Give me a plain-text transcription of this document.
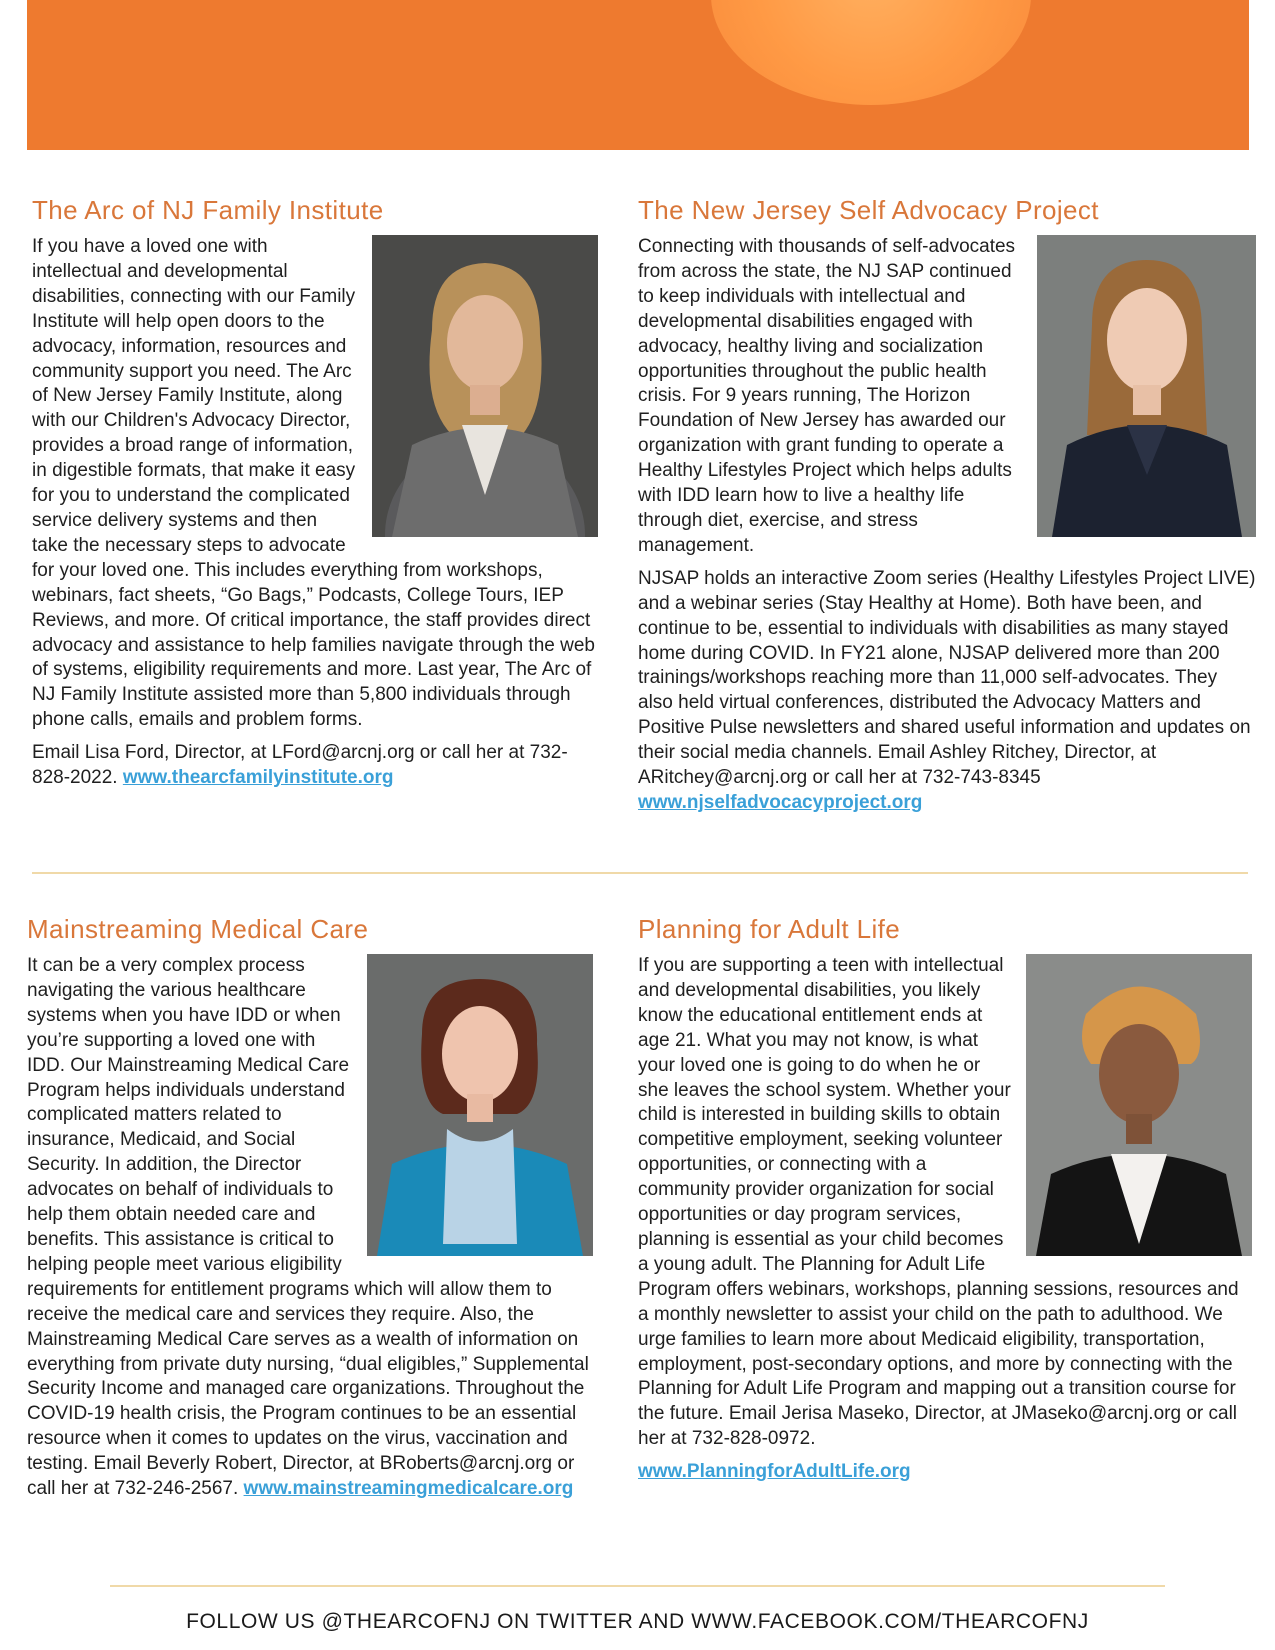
The Arc of NJ Family Institute

If you have a loved one with intellectual and developmental disabilities, connecting with our Family Institute will help open doors to the advocacy, information, resources and community support you need. The Arc of New Jersey Family Institute, along with our Children's Advocacy Director, provides a broad range of information, in digestible formats, that make it easy for you to understand the complicated service delivery systems and then take the necessary steps to advocate for your loved one. This includes everything from workshops, webinars, fact sheets, “Go Bags,” Podcasts, College Tours, IEP Reviews, and more. Of critical importance, the staff provides direct advocacy and assistance to help families navigate through the web of systems, eligibility requirements and more. Last year, The Arc of NJ Family Institute assisted more than 5,800 individuals through phone calls, emails and problem forms.

Email Lisa Ford, Director, at LFord@arcnj.org or call her at 732-828-2022. www.thearcfamilyinstitute.org

The New Jersey Self Advocacy Project

Connecting with thousands of self-advocates from across the state, the NJ SAP continued to keep individuals with intellectual and developmental disabilities engaged with advocacy, healthy living and socialization opportunities throughout the public health crisis. For 9 years running, The Horizon Foundation of New Jersey has awarded our organization with grant funding to operate a Healthy Lifestyles Project which helps adults with IDD learn how to live a healthy life through diet, exercise, and stress management.

NJSAP holds an interactive Zoom series (Healthy Lifestyles Project LIVE) and a webinar series (Stay Healthy at Home). Both have been, and continue to be, essential to individuals with disabilities as many stayed home during COVID. In FY21 alone, NJSAP delivered more than 200 trainings/workshops reaching more than 11,000 self-advocates. They also held virtual conferences, distributed the Advocacy Matters and Positive Pulse newsletters and shared useful information and updates on their social media channels. Email Ashley Ritchey, Director, at ARitchey@arcnj.org or call her at 732-743-8345 www.njselfadvocacyproject.org

Mainstreaming Medical Care

It can be a very complex process navigating the various healthcare systems when you have IDD or when you’re supporting a loved one with IDD. Our Mainstreaming Medical Care Program helps individuals understand complicated matters related to insurance, Medicaid, and Social Security. In addition, the Director advocates on behalf of individuals to help them obtain needed care and benefits. This assistance is critical to helping people meet various eligibility requirements for entitlement programs which will allow them to receive the medical care and services they require. Also, the Mainstreaming Medical Care serves as a wealth of information on everything from private duty nursing, “dual eligibles,” Supplemental Security Income and managed care organizations. Throughout the COVID-19 health crisis, the Program continues to be an essential resource when it comes to updates on the virus, vaccination and testing. Email Beverly Robert, Director, at BRoberts@arcnj.org or call her at 732-246-2567. www.mainstreamingmedicalcare.org

Planning for Adult Life

If you are supporting a teen with intellectual and developmental disabilities, you likely know the educational entitlement ends at age 21. What you may not know, is what your loved one is going to do when he or she leaves the school system. Whether your child is interested in building skills to obtain competitive employment, seeking volunteer opportunities, or connecting with a community provider organization for social opportunities or day program services, planning is essential as your child becomes a young adult. The Planning for Adult Life Program offers webinars, workshops, planning sessions, resources and a monthly newsletter to assist your child on the path to adulthood. We urge families to learn more about Medicaid eligibility, transportation, employment, post-secondary options, and more by connecting with the Planning for Adult Life Program and mapping out a transition course for the future. Email Jerisa Maseko, Director, at JMaseko@arcnj.org or call her at 732-828-0972.

www.PlanningforAdultLife.org

FOLLOW US @THEARCOFNJ ON TWITTER AND WWW.FACEBOOK.COM/THEARCOFNJ
